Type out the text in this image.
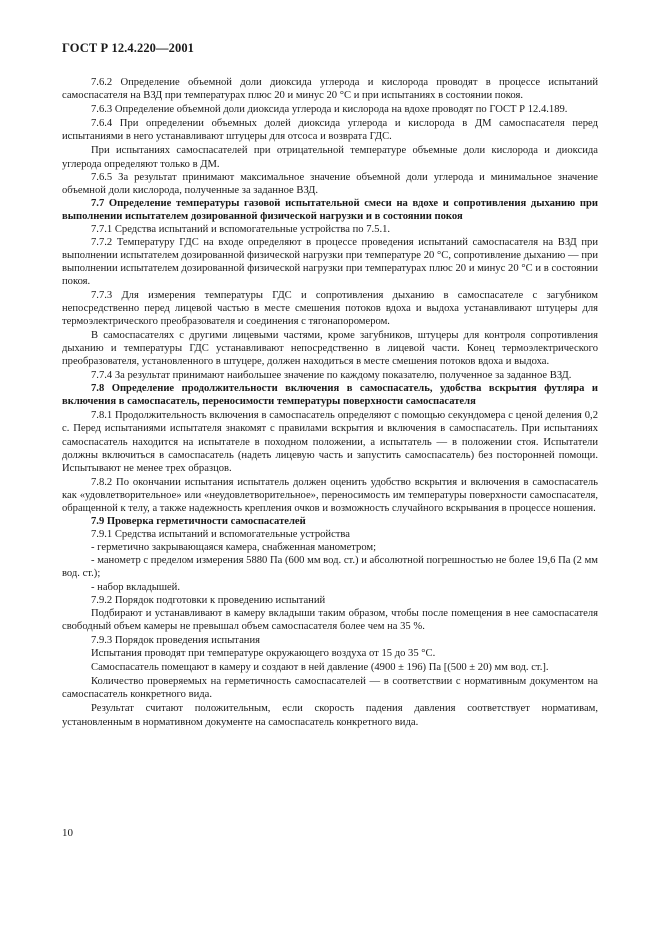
ГОСТ Р 12.4.220—2001

7.6.2 Определение объемной доли диоксида углерода и кислорода проводят в процессе испытаний самоспасателя на ВЗД при температурах плюс 20 и минус 20 °С и при испытаниях в состоянии покоя.

7.6.3 Определение объемной доли диоксида углерода и кислорода на вдохе проводят по ГОСТ Р 12.4.189.

7.6.4 При определении объемных долей диоксида углерода и кислорода в ДМ самоспасателя перед испытаниями в него устанавливают штуцеры для отсоса и возврата ГДС.

При испытаниях самоспасателей при отрицательной температуре объемные доли кислорода и диоксида углерода определяют только в ДМ.

7.6.5 За результат принимают максимальное значение объемной доли углерода и минимальное значение объемной доли кислорода, полученные за заданное ВЗД.

7.7 Определение температуры газовой испытательной смеси на вдохе и сопротивления дыханию при выполнении испытателем дозированной физической нагрузки и в состоянии покоя

7.7.1 Средства испытаний и вспомогательные устройства по 7.5.1.

7.7.2 Температуру ГДС на входе определяют в процессе проведения испытаний самоспасателя на ВЗД при выполнении испытателем дозированной физической нагрузки при температуре 20 °С, сопротивление дыханию — при выполнении испытателем дозированной физической нагрузки при температурах плюс 20 и минус 20 °С и в состоянии покоя.

7.7.3 Для измерения температуры ГДС и сопротивления дыханию в самоспасателе с загубником непосредственно перед лицевой частью в месте смешения потоков вдоха и выдоха устанавливают штуцеры для термоэлектрического преобразователя и соединения с тягонапоромером.

В самоспасателях с другими лицевыми частями, кроме загубников, штуцеры для контроля сопротивления дыханию и температуры ГДС устанавливают непосредственно в лицевой части. Конец термоэлектрического преобразователя, установленного в штуцере, должен находиться в месте смешения потоков вдоха и выдоха.

7.7.4 За результат принимают наибольшее значение по каждому показателю, полученное за заданное ВЗД.

7.8 Определение продолжительности включения в самоспасатель, удобства вскрытия футляра и включения в самоспасатель, переносимости температуры поверхности самоспасателя

7.8.1 Продолжительность включения в самоспасатель определяют с помощью секундомера с ценой деления 0,2 с. Перед испытаниями испытателя знакомят с правилами вскрытия и включения в самоспасатель. При испытаниях самоспасатель находится на испытателе в походном положении, а испытатель — в положении стоя. Испытатели должны включиться в самоспасатель (надеть лицевую часть и запустить самоспасатель) без посторонней помощи. Испытывают не менее трех образцов.

7.8.2 По окончании испытания испытатель должен оценить удобство вскрытия и включения в самоспасатель как «удовлетворительное» или «неудовлетворительное», переносимость им температуры поверхности самоспасателя, обращенной к телу, а также надежность крепления очков и возможность случайного вскрывания в процессе ношения.

7.9 Проверка герметичности самоспасателей

7.9.1 Средства испытаний и вспомогательные устройства

- герметично закрывающаяся камера, снабженная манометром;

- манометр с пределом измерения 5880 Па (600 мм вод. ст.) и абсолютной погрешностью не более 19,6 Па (2 мм вод. ст.);

- набор вкладышей.

7.9.2 Порядок подготовки к проведению испытаний

Подбирают и устанавливают в камеру вкладыши таким образом, чтобы после помещения в нее самоспасателя свободный объем камеры не превышал объем самоспасателя более чем на 35 %.

7.9.3 Порядок проведения испытания

Испытания проводят при температуре окружающего воздуха от 15 до 35 °С.

Самоспасатель помещают в камеру и создают в ней давление (4900 ± 196) Па [(500 ± 20) мм вод. ст.].

Количество проверяемых на герметичность самоспасателей — в соответствии с нормативным документом на самоспасатель конкретного вида.

Результат считают положительным, если скорость падения давления соответствует нормативам, установленным в нормативном документе на самоспасатель конкретного вида.

10
